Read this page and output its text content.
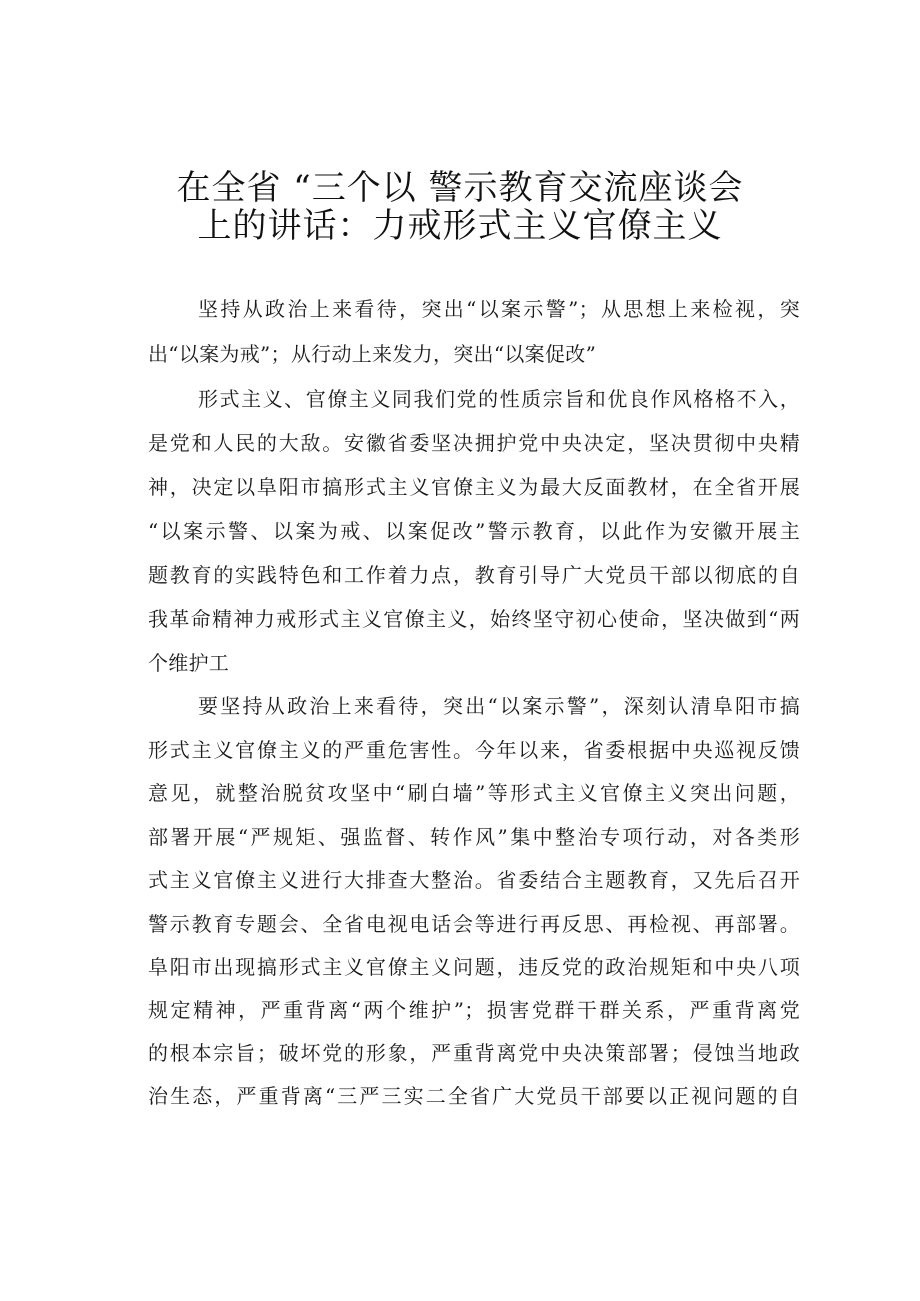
在全省 “三个以 警示教育交流座谈会
上的讲话：力戒形式主义官僚主义
坚持从政治上来看待，突出“以案示警”；从思想上来检视，突
出“以案为戒”；从行动上来发力，突出“以案促改”
形式主义、官僚主义同我们党的性质宗旨和优良作风格格不入，
是党和人民的大敌。安徽省委坚决拥护党中央决定，坚决贯彻中央精
神，决定以阜阳市搞形式主义官僚主义为最大反面教材，在全省开展
“以案示警、以案为戒、以案促改”警示教育，以此作为安徽开展主
题教育的实践特色和工作着力点，教育引导广大党员干部以彻底的自
我革命精神力戒形式主义官僚主义，始终坚守初心使命，坚决做到“两
个维护工
要坚持从政治上来看待，突出“以案示警”，深刻认清阜阳市搞
形式主义官僚主义的严重危害性。今年以来，省委根据中央巡视反馈
意见，就整治脱贫攻坚中“刷白墙”等形式主义官僚主义突出问题，
部署开展“严规矩、强监督、转作风”集中整治专项行动，对各类形
式主义官僚主义进行大排查大整治。省委结合主题教育，又先后召开
警示教育专题会、全省电视电话会等进行再反思、再检视、再部署。
阜阳市出现搞形式主义官僚主义问题，违反党的政治规矩和中央八项
规定精神，严重背离“两个维护”；损害党群干群关系，严重背离党
的根本宗旨；破坏党的形象，严重背离党中央决策部署；侵蚀当地政
治生态，严重背离“三严三实二全省广大党员干部要以正视问题的自
